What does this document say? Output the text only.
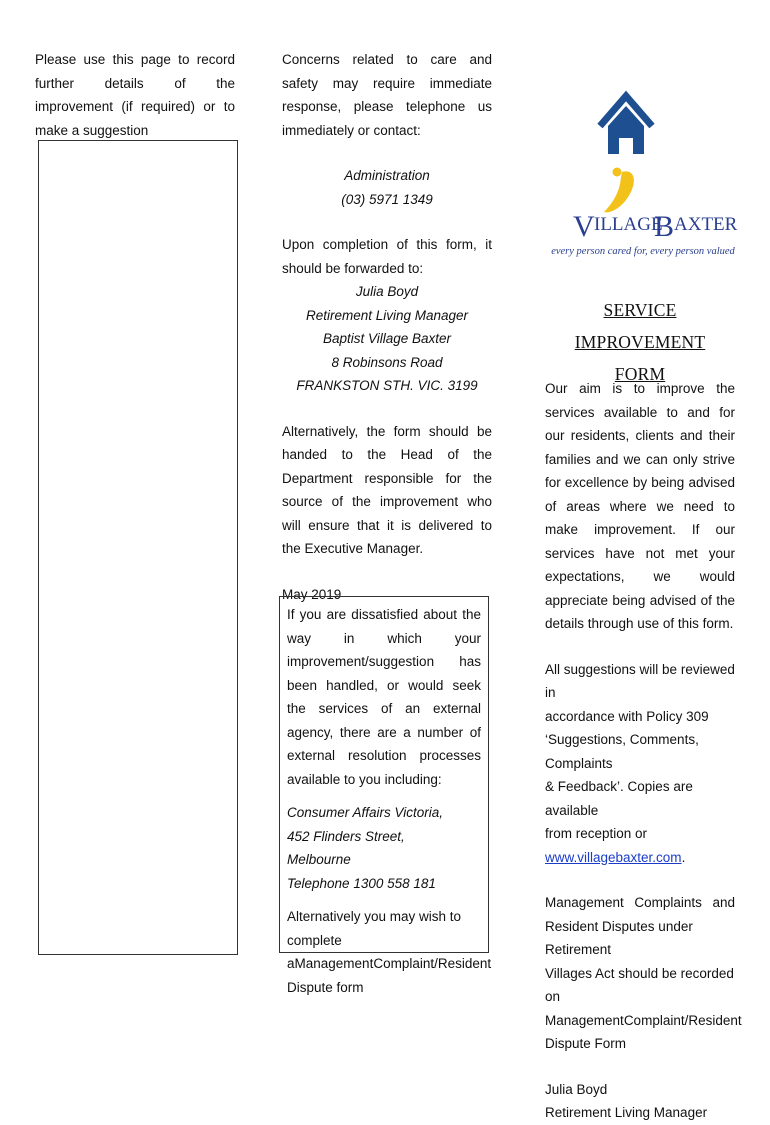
Please use this page to record further details of the improvement (if required) or to make a suggestion

Concerns related to care and safety may require immediate response, please telephone us immediately or contact:

Administration

(03) 5971 1349

Upon completion of this form, it should be forwarded to:

Julia Boyd

Retirement Living Manager

Baptist Village Baxter

8 Robinsons Road

FRANKSTON STH. VIC. 3199

Alternatively, the form should be handed to the Head of the Department responsible for the source of the improvement who will ensure that it is delivered to the Executive Manager.

May 2019

If you are dissatisfied about the way in which your improvement/suggestion has been handled, or would seek the services of an external agency, there are a number of external resolution processes available to you including:

Consumer Affairs Victoria,

452 Flinders Street,

Melbourne

Telephone 1300 558 181

Alternatively you may wish to complete

a Management Complaint/Resident

Dispute form

V ILLAGE
B AXTER
every person cared for, every person valued

SERVICE IMPROVEMENT

FORM

Our aim is to improve the services available to and for our residents, clients and their families and we can only strive for excellence by being advised of areas where we need to make improvement. If our services have not met your expectations, we would appreciate being advised of the details through use of this form.

All suggestions will be reviewed in

accordance with Policy 309

‘Suggestions, Comments, Complaints

& Feedback’. Copies are available

from reception or

www.villagebaxter.com.

Management Complaints and

Resident Disputes under Retirement

Villages Act should be recorded on

Management Complaint/Resident

Dispute Form

Julia Boyd

Retirement Living Manager
